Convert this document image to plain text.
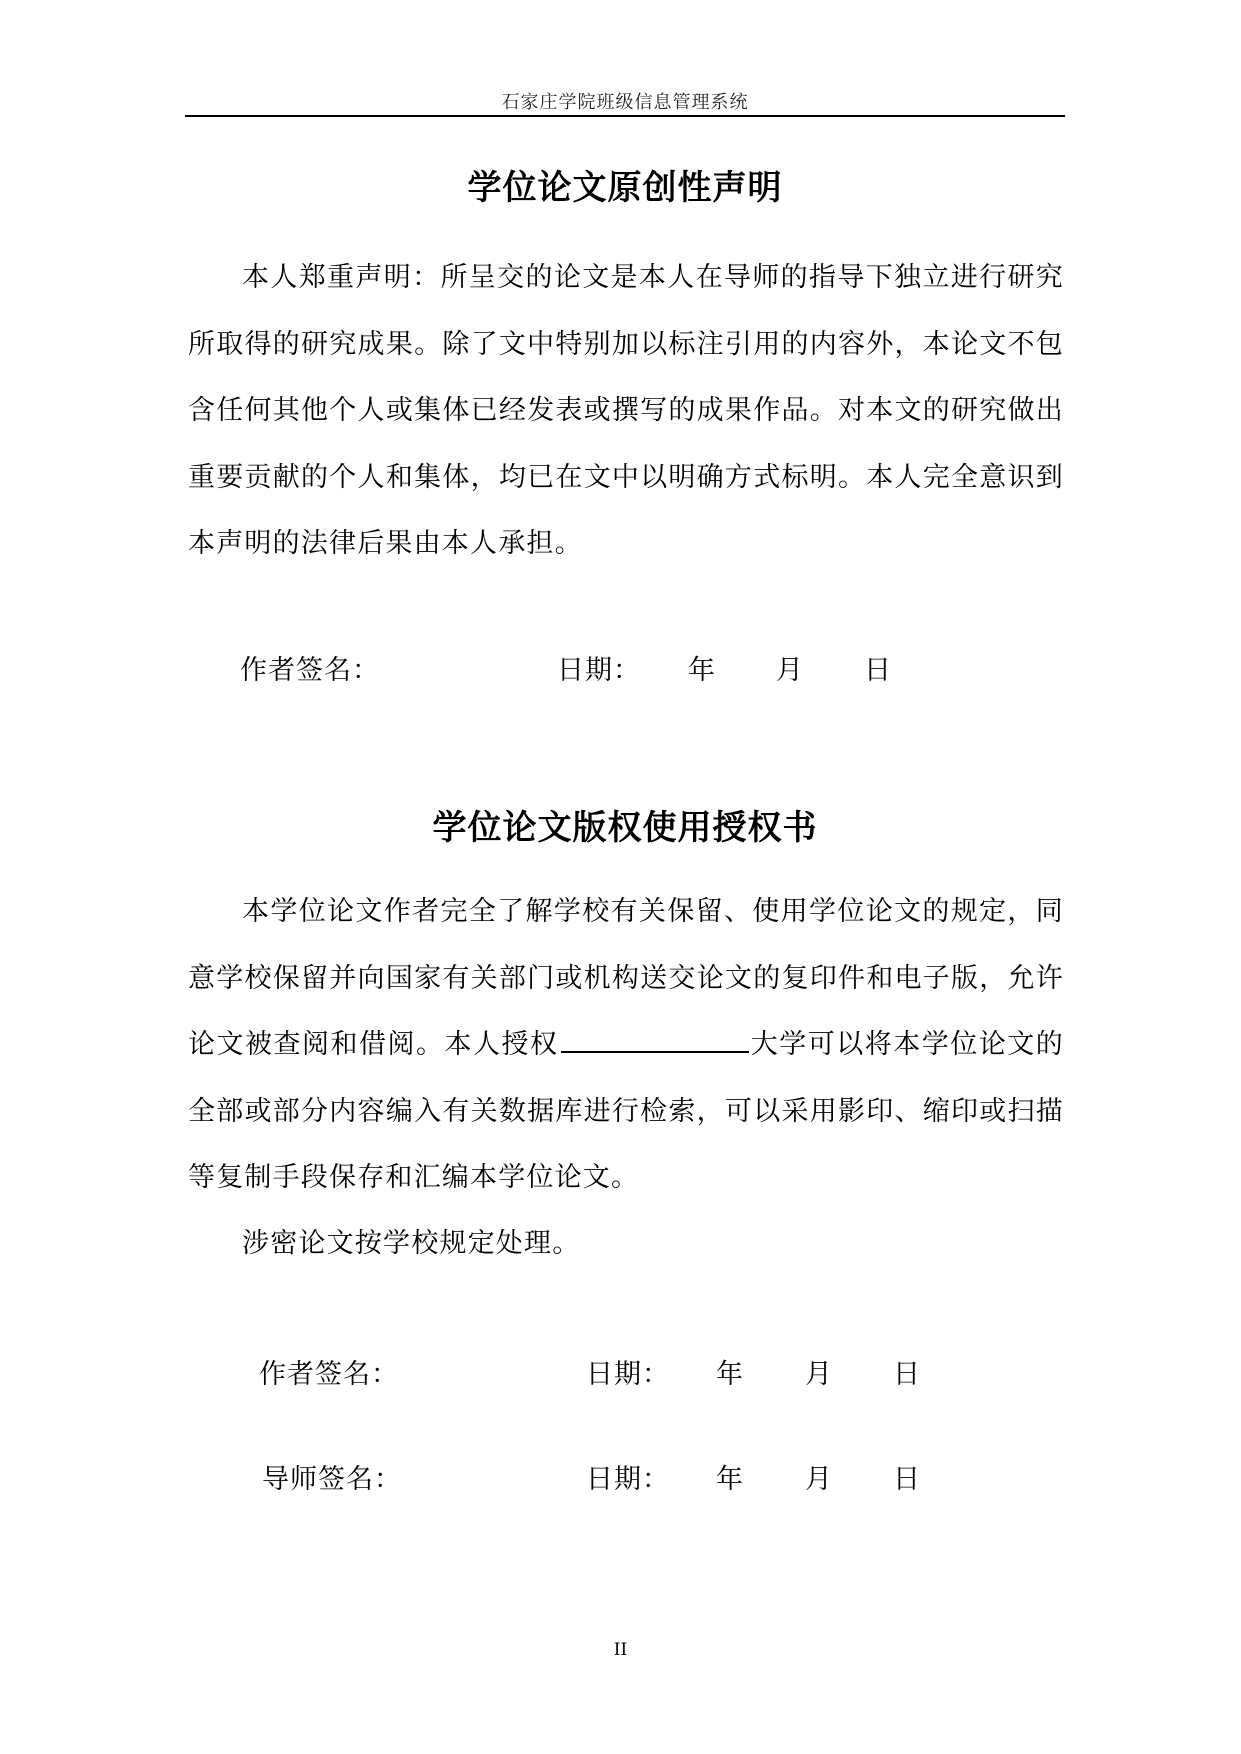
石家庄学院班级信息管理系统
学位论文原创性声明

本人郑重声明：所呈交的论文是本人在导师的指导下独立进行研究所取得的研究成果。除了文中特别加以标注引用的内容外，本论文不包含任何其他个人或集体已经发表或撰写的成果作品。对本文的研究做出重要贡献的个人和集体，均已在文中以明确方式标明。本人完全意识到本声明的法律后果由本人承担。

作者签名：	日期： 年 月 日
学位论文版权使用授权书

本学位论文作者完全了解学校有关保留、使用学位论文的规定，同意学校保留并向国家有关部门或机构送交论文的复印件和电子版，允许论文被查阅和借阅。本人授权	大学可以将本学位论文的全部或部分内容编入有关数据库进行检索，可以采用影印、缩印或扫描等复制手段保存和汇编本学位论文。

涉密论文按学校规定处理。

作者签名：	日期： 年 月 日
导师签名：	日期： 年 月 日
II
